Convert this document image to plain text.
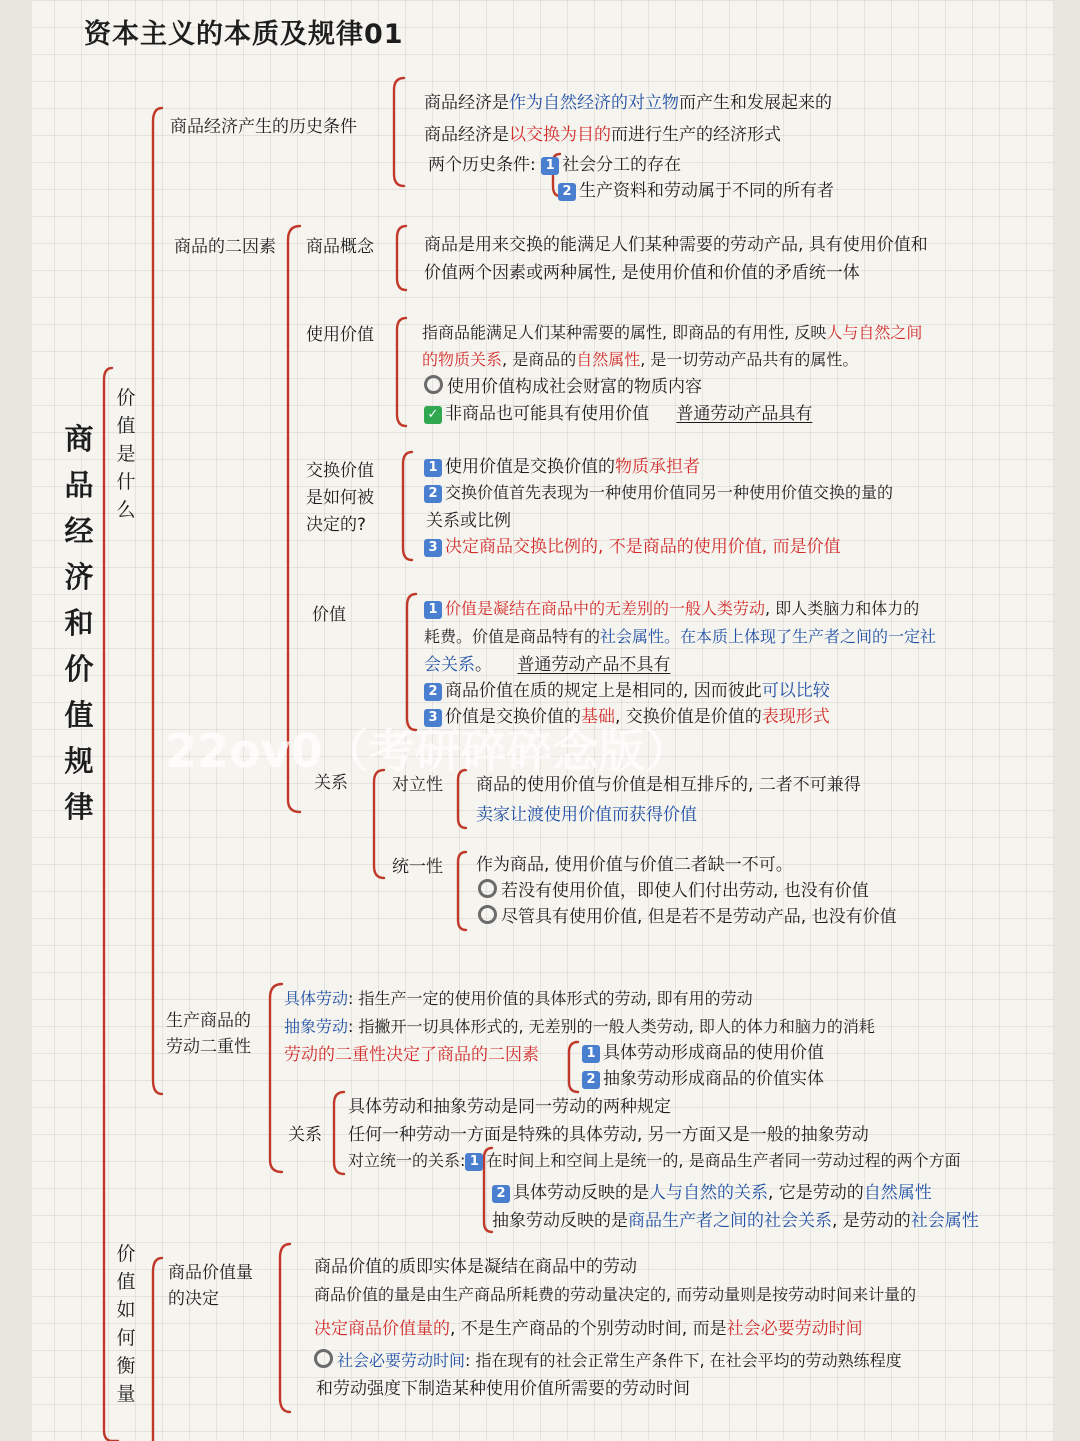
资本主义的本质及规律01
商品经济和价值规律
价值是什么
价值如何衡量
商品经济产生的历史条件
商品经济是作为自然经济的对立物而产生和发展起来的
商品经济是以交换为目的而进行生产的经济形式
两个历史条件: 1 社会分工的存在
2 生产资料和劳动属于不同的所有者
商品的二因素 商品概念	商品是用来交换的能满足人们某种需要的劳动产品, 具有使用价值和
价值两个因素或两种属性, 是使用价值和价值的矛盾统一体
使用价值	指商品能满足人们某种需要的属性, 即商品的有用性, 反映人与自然之间
的物质关系, 是商品的自然属性, 是一切劳动产品共有的属性。
使用价值构成社会财富的物质内容
✓ 非商品也可能具有使用价值 普通劳动产品具有
交换价值
是如何被
决定的?
1 使用价值是交换价值的物质承担者
2 交换价值首先表现为一种使用价值同另一种使用价值交换的量的
关系或比例
3 决定商品交换比例的, 不是商品的使用价值, 而是价值
价值	1 价值是凝结在商品中的无差别的一般人类劳动, 即人类脑力和体力的
耗费。价值是商品特有的社会属性。在本质上体现了生产者之间的一定社
会关系。 普通劳动产品不具有
2 商品价值在质的规定上是相同的, 因而彼此可以比较
3 价值是交换价值的基础, 交换价值是价值的表现形式
关系	对立性 商品的使用价值与价值是相互排斥的, 二者不可兼得
卖家让渡使用价值而获得价值
统一性 作为商品, 使用价值与价值二者缺一不可。
若没有使用价值，即使人们付出劳动, 也没有价值
尽管具有使用价值, 但是若不是劳动产品, 也没有价值
生产商品的
劳动二重性
具体劳动: 指生产一定的使用价值的具体形式的劳动, 即有用的劳动
抽象劳动: 指撇开一切具体形式的, 无差别的一般人类劳动, 即人的体力和脑力的消耗
劳动的二重性决定了商品的二因素	1 具体劳动形成商品的使用价值
2 抽象劳动形成商品的价值实体
关系
具体劳动和抽象劳动是同一劳动的两种规定
任何一种劳动一方面是特殊的具体劳动, 另一方面又是一般的抽象劳动
对立统一的关系: 1 在时间上和空间上是统一的, 是商品生产者同一劳动过程的两个方面
2 具体劳动反映的是人与自然的关系, 它是劳动的自然属性
抽象劳动反映的是商品生产者之间的社会关系, 是劳动的社会属性
商品价值量
的决定
商品价值的质即实体是凝结在商品中的劳动
商品价值的量是由生产商品所耗费的劳动量决定的, 而劳动量则是按劳动时间来计量的
决定商品价值量的, 不是生产商品的个别劳动时间, 而是社会必要劳动时间
社会必要劳动时间: 指在现有的社会正常生产条件下, 在社会平均的劳动熟练程度
和劳动强度下制造某种使用价值所需要的劳动时间
22ov0（考研碎碎念版）
